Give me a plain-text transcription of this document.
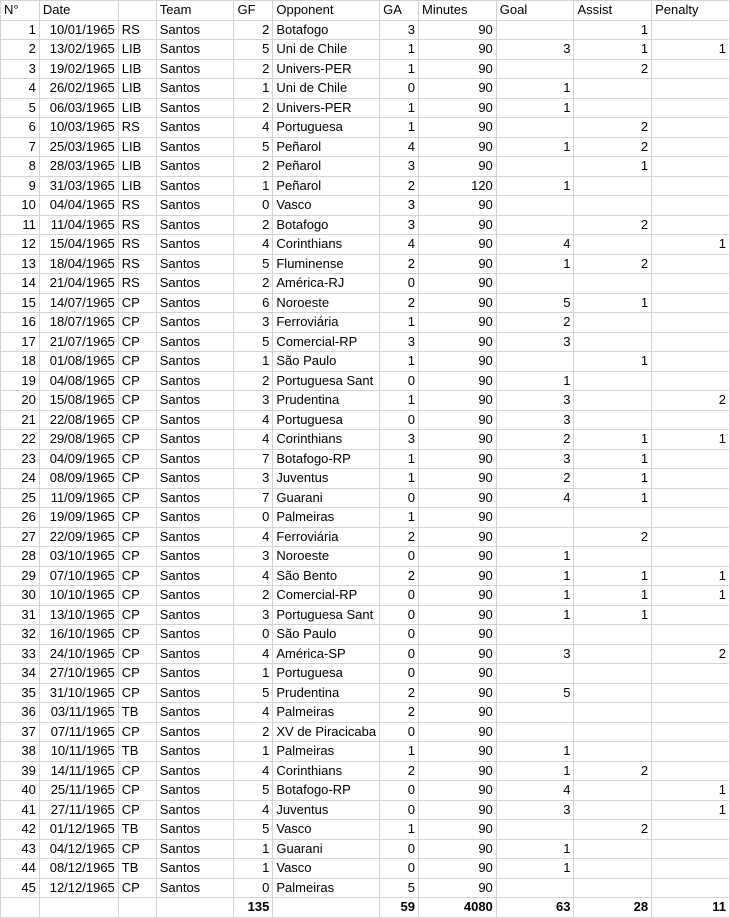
N°	Date		Team	GF	Opponent	GA	Minutes	Goal	Assist	Penalty
1	10/01/1965	RS	Santos	2	Botafogo	3	90		1	
2	13/02/1965	LIB	Santos	5	Uni de Chile	1	90	3	1	1
3	19/02/1965	LIB	Santos	2	Univers-PER	1	90		2	
4	26/02/1965	LIB	Santos	1	Uni de Chile	0	90	1		
5	06/03/1965	LIB	Santos	2	Univers-PER	1	90	1		
6	10/03/1965	RS	Santos	4	Portuguesa	1	90		2	
7	25/03/1965	LIB	Santos	5	Peñarol	4	90	1	2	
8	28/03/1965	LIB	Santos	2	Peñarol	3	90		1	
9	31/03/1965	LIB	Santos	1	Peñarol	2	120	1		
10	04/04/1965	RS	Santos	0	Vasco	3	90			
11	11/04/1965	RS	Santos	2	Botafogo	3	90		2	
12	15/04/1965	RS	Santos	4	Corinthians	4	90	4		1
13	18/04/1965	RS	Santos	5	Fluminense	2	90	1	2	
14	21/04/1965	RS	Santos	2	América-RJ	0	90			
15	14/07/1965	CP	Santos	6	Noroeste	2	90	5	1	
16	18/07/1965	CP	Santos	3	Ferroviária	1	90	2		
17	21/07/1965	CP	Santos	5	Comercial-RP	3	90	3		
18	01/08/1965	CP	Santos	1	São Paulo	1	90		1	
19	04/08/1965	CP	Santos	2	Portuguesa Sant	0	90	1		
20	15/08/1965	CP	Santos	3	Prudentina	1	90	3		2
21	22/08/1965	CP	Santos	4	Portuguesa	0	90	3		
22	29/08/1965	CP	Santos	4	Corinthians	3	90	2	1	1
23	04/09/1965	CP	Santos	7	Botafogo-RP	1	90	3	1	
24	08/09/1965	CP	Santos	3	Juventus	1	90	2	1	
25	11/09/1965	CP	Santos	7	Guarani	0	90	4	1	
26	19/09/1965	CP	Santos	0	Palmeiras	1	90			
27	22/09/1965	CP	Santos	4	Ferroviária	2	90		2	
28	03/10/1965	CP	Santos	3	Noroeste	0	90	1		
29	07/10/1965	CP	Santos	4	São Bento	2	90	1	1	1
30	10/10/1965	CP	Santos	2	Comercial-RP	0	90	1	1	1
31	13/10/1965	CP	Santos	3	Portuguesa Sant	0	90	1	1	
32	16/10/1965	CP	Santos	0	São Paulo	0	90			
33	24/10/1965	CP	Santos	4	América-SP	0	90	3		2
34	27/10/1965	CP	Santos	1	Portuguesa	0	90			
35	31/10/1965	CP	Santos	5	Prudentina	2	90	5		
36	03/11/1965	TB	Santos	4	Palmeiras	2	90			
37	07/11/1965	CP	Santos	2	XV de Piracicaba	0	90			
38	10/11/1965	TB	Santos	1	Palmeiras	1	90	1		
39	14/11/1965	CP	Santos	4	Corinthians	2	90	1	2	
40	25/11/1965	CP	Santos	5	Botafogo-RP	0	90	4		1
41	27/11/1965	CP	Santos	4	Juventus	0	90	3		1
42	01/12/1965	TB	Santos	5	Vasco	1	90		2	
43	04/12/1965	CP	Santos	1	Guarani	0	90	1		
44	08/12/1965	TB	Santos	1	Vasco	0	90	1		
45	12/12/1965	CP	Santos	0	Palmeiras	5	90			
				135		59	4080	63	28	11
